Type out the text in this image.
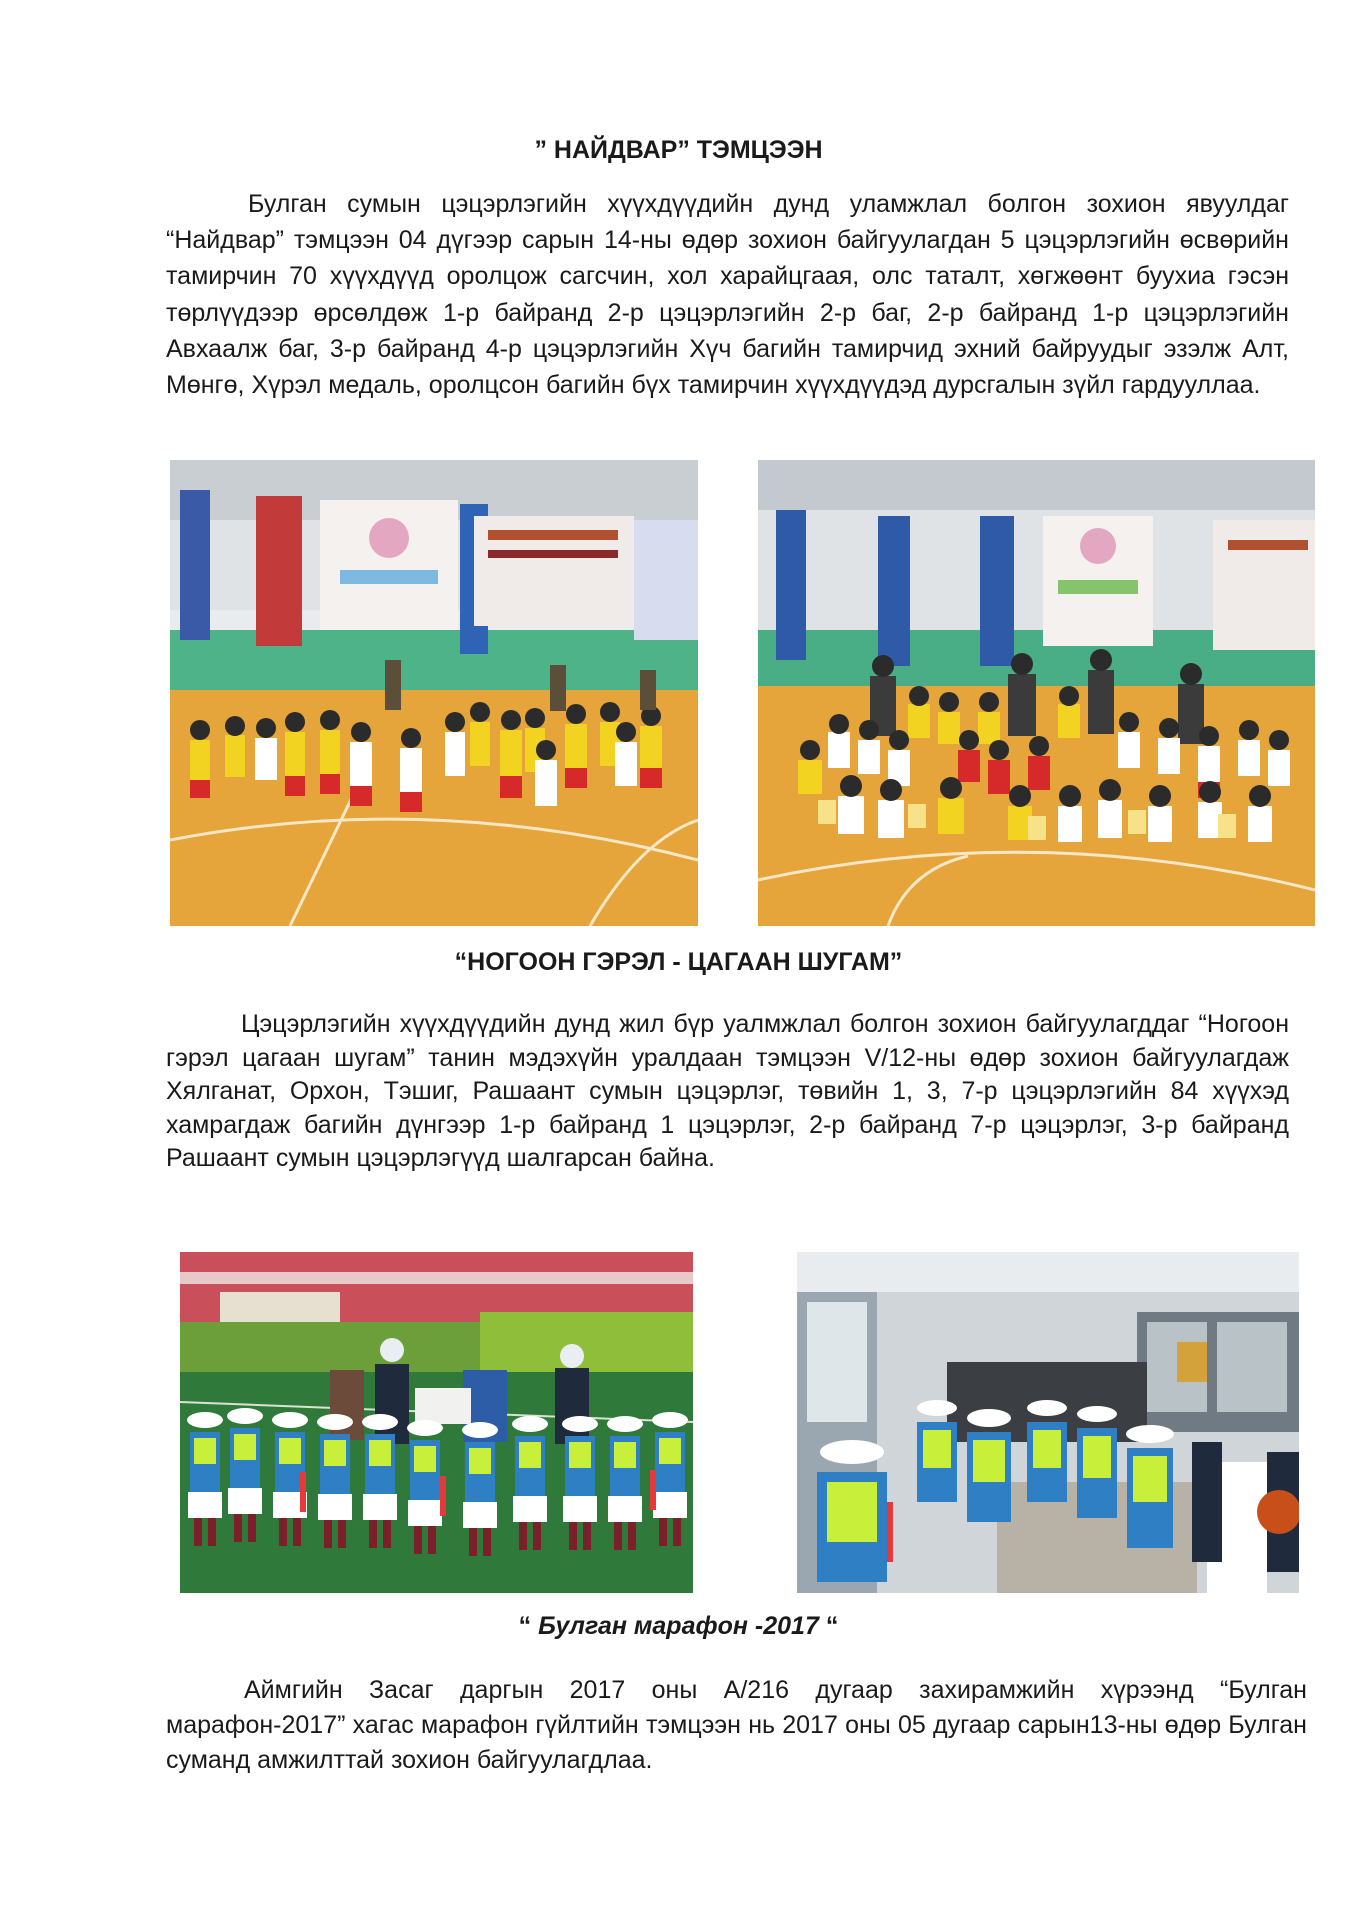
” НАЙДВАР” ТЭМЦЭЭН

Булган сумын цэцэрлэгийн хүүхдүүдийн дунд уламжлал болгон зохион явуулдаг “Найдвар” тэмцээн 04 дүгээр сарын 14-ны өдөр зохион байгуулагдан 5 цэцэрлэгийн өсвөрийн тамирчин 70 хүүхдүүд оролцож сагсчин, хол харайцгаая, олс таталт, хөгжөөнт буухиа гэсэн төрлүүдээр өрсөлдөж 1-р байранд 2-р цэцэрлэгийн 2-р баг, 2-р байранд 1-р цэцэрлэгийн Авхаалж баг, 3-р байранд 4-р цэцэрлэгийн Хүч багийн тамирчид эхний байруудыг эзэлж Алт, Мөнгө, Хүрэл медаль, оролцсон багийн бүх тамирчин хүүхдүүдэд дурсгалын зүйл гардууллаа.

“НОГООН ГЭРЭЛ - ЦАГААН ШУГАМ”

Цэцэрлэгийн хүүхдүүдийн дунд жил бүр уалмжлал болгон зохион байгуулагддаг “Ногоон гэрэл цагаан шугам” танин мэдэхүйн уралдаан тэмцээн V/12-ны өдөр зохион байгуулагдаж Хялганат, Орхон, Тэшиг, Рашаант сумын цэцэрлэг, төвийн 1, 3, 7-р цэцэрлэгийн 84 хүүхэд хамрагдаж багийн дүнгээр 1-р байранд 1 цэцэрлэг, 2-р байранд 7-р цэцэрлэг, 3-р байранд Рашаант сумын цэцэрлэгүүд шалгарсан байна.

“ Булган марафон -2017 “

Аймгийн Засаг даргын 2017 оны А/216 дугаар захирамжийн хүрээнд “Булган марафон-2017” хагас марафон гүйлтийн тэмцээн нь 2017 оны 05 дугаар сарын13-ны өдөр Булган суманд амжилттай зохион байгуулагдлаа.
